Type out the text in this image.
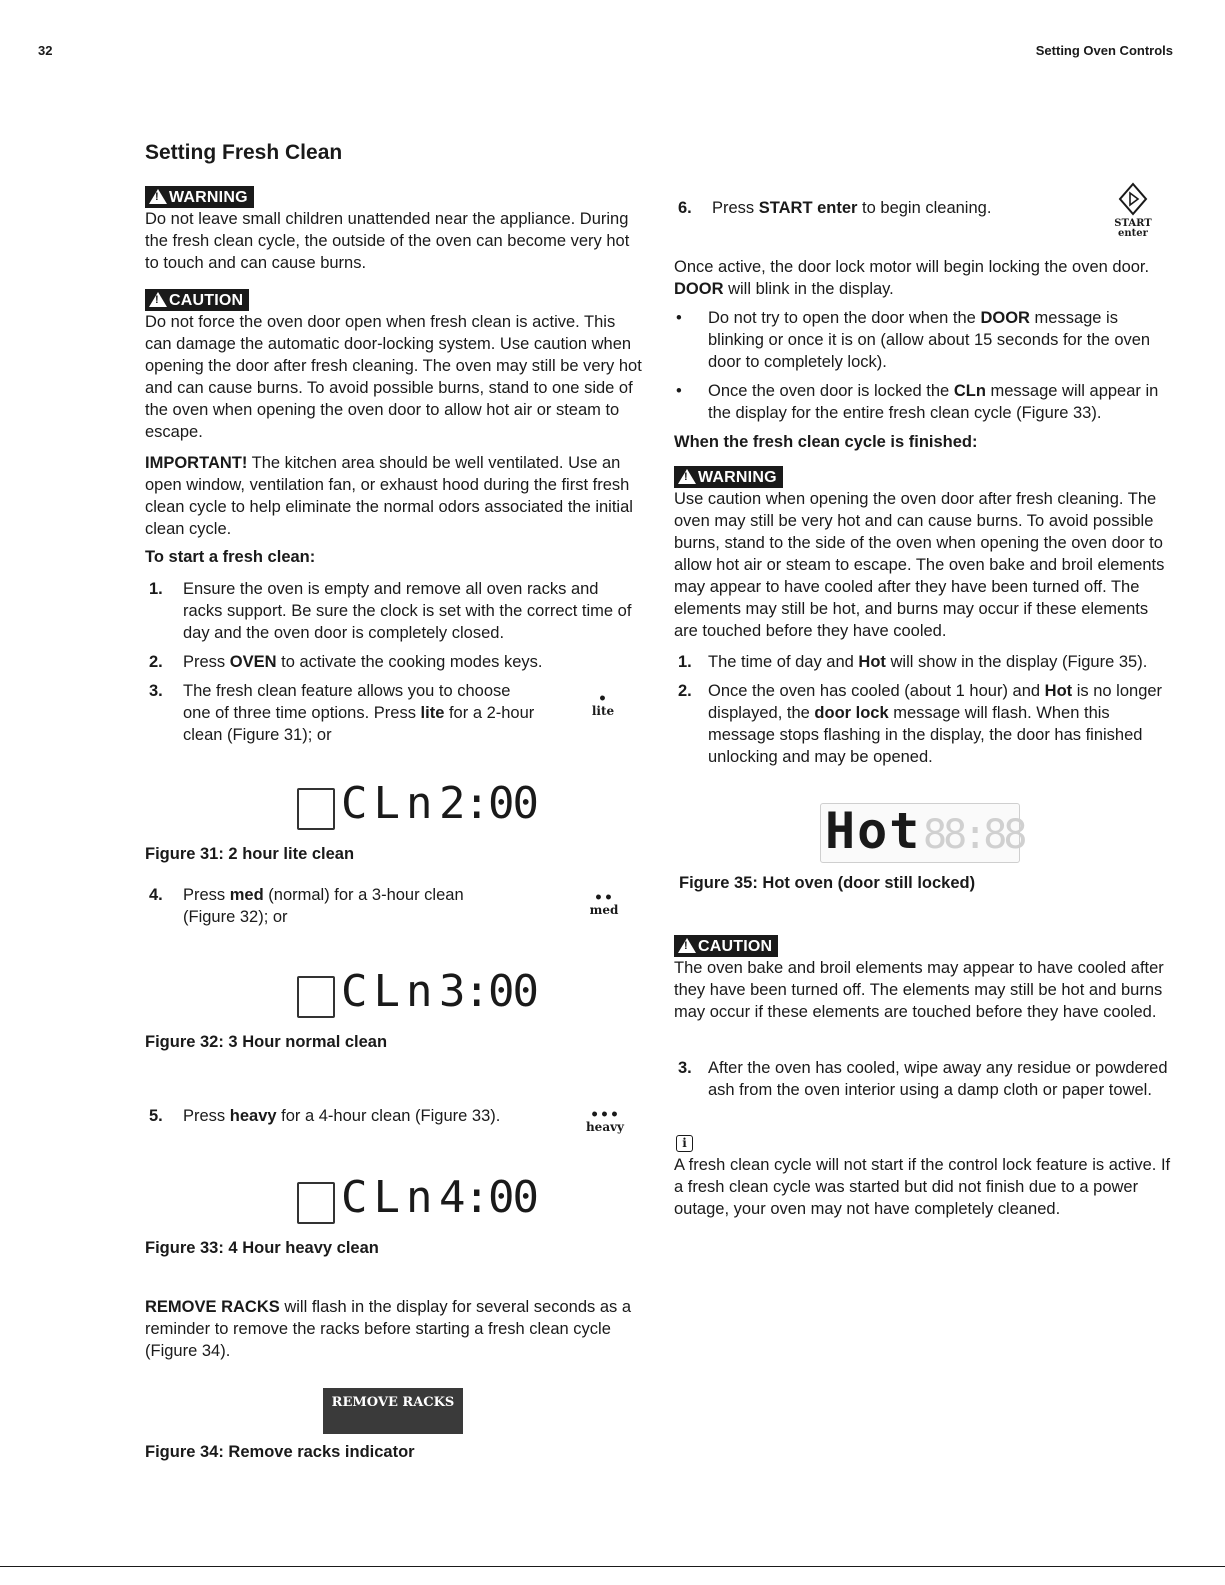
32	Setting Oven Controls
Setting Fresh Clean
!WARNING

Do not leave small children unattended near the appliance. During the fresh clean cycle, the outside of the oven can become very hot to touch and can cause burns.

!CAUTION

Do not force the oven door open when fresh clean is active. This can damage the automatic door-locking system. Use caution when opening the door after fresh cleaning. The oven may still be very hot and can cause burns. To avoid possible burns, stand to one side of the oven when opening the oven door to allow hot air or steam to escape.

IMPORTANT! The kitchen area should be well ventilated. Use an open window, ventilation fan, or exhaust hood during the first fresh clean cycle to help eliminate the normal odors associated the initial clean cycle.

To start a fresh clean:
1. Ensure the oven is empty and remove all oven racks and racks support. Be sure the clock is set with the correct time of day and the oven door is completely closed.
2. Press OVEN to activate the cooking modes keys.
3. The fresh clean feature allows you to choose one of three time options. Press lite for a 2-hour clean (Figure 31); or
•
lite
CLn 2:00
Figure 31: 2 hour lite clean
4. Press med (normal) for a 3-hour clean (Figure 32); or
••
med
CLn 3:00
Figure 32: 3 Hour normal clean
5. Press heavy for a 4-hour clean (Figure 33).	•••
heavy
CLn 4:00
Figure 33: 4 Hour heavy clean

REMOVE RACKS will flash in the display for several seconds as a reminder to remove the racks before starting a fresh clean cycle (Figure 34).

REMOVE RACKS
Figure 34: Remove racks indicator
6. Press START enter to begin cleaning.
START
enter

Once active, the door lock motor will begin locking the oven door. DOOR will blink in the display.

• Do not try to open the door when the DOOR message is blinking or once it is on (allow about 15 seconds for the oven door to completely lock).
• Once the oven door is locked the CLn message will appear in the display for the entire fresh clean cycle (Figure 33).
When the fresh clean cycle is finished:
!WARNING

Use caution when opening the oven door after fresh cleaning. The oven may still be very hot and can cause burns. To avoid possible burns, stand to the side of the oven when opening the oven door to allow hot air or steam to escape. The oven bake and broil elements may appear to have cooled after they have been turned off. The elements may still be hot, and burns may occur if these elements are touched before they have cooled.

1. The time of day and Hot will show in the display (Figure 35).
2. Once the oven has cooled (about 1 hour) and Hot is no longer displayed, the door lock message will flash. When this message stops flashing in the display, the door has finished unlocking and may be opened.
Hot 88:88
Figure 35: Hot oven (door still locked)
!CAUTION

The oven bake and broil elements may appear to have cooled after they have been turned off. The elements may still be hot and burns may occur if these elements are touched before they have cooled.

3. After the oven has cooled, wipe away any residue or powdered ash from the oven interior using a damp cloth or paper towel.
i

A fresh clean cycle will not start if the control lock feature is active. If a fresh clean cycle was started but did not finish due to a power outage, your oven may not have completely cleaned.
